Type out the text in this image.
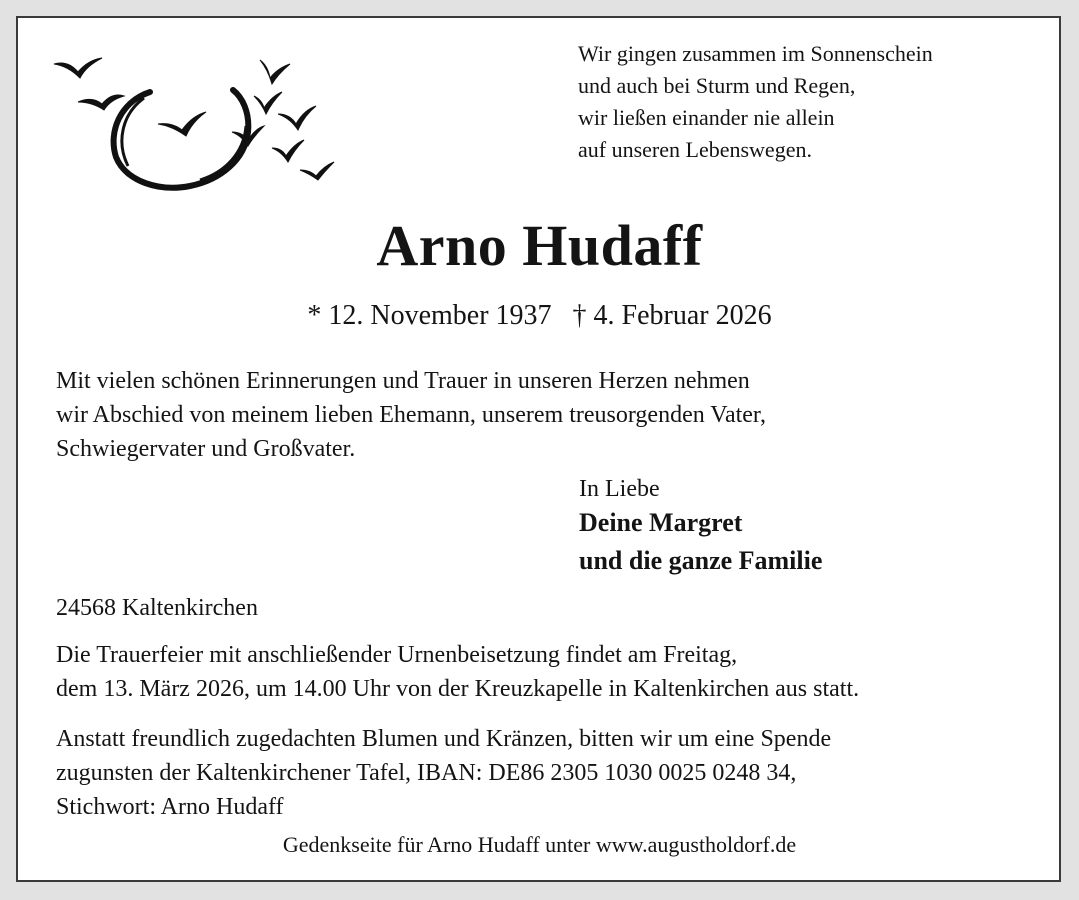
Wir gingen zusammen im Sonnenschein
und auch bei Sturm und Regen,
wir ließen einander nie allein
auf unseren Lebenswegen.
Arno Hudaff
* 12. November 1937 † 4. Februar 2026
Mit vielen schönen Erinnerungen und Trauer in unseren Herzen nehmen
wir Abschied von meinem lieben Ehemann, unserem treusorgenden Vater,
Schwiegervater und Großvater.
In Liebe
Deine Margret
und die ganze Familie
24568 Kaltenkirchen
Die Trauerfeier mit anschließender Urnenbeisetzung findet am Freitag,
dem 13. März 2026, um 14.00 Uhr von der Kreuzkapelle in Kaltenkirchen aus statt.
Anstatt freundlich zugedachten Blumen und Kränzen, bitten wir um eine Spende
zugunsten der Kaltenkirchener Tafel, IBAN: DE86 2305 1030 0025 0248 34,
Stichwort: Arno Hudaff
Gedenkseite für Arno Hudaff unter www.augustholdorf.de
